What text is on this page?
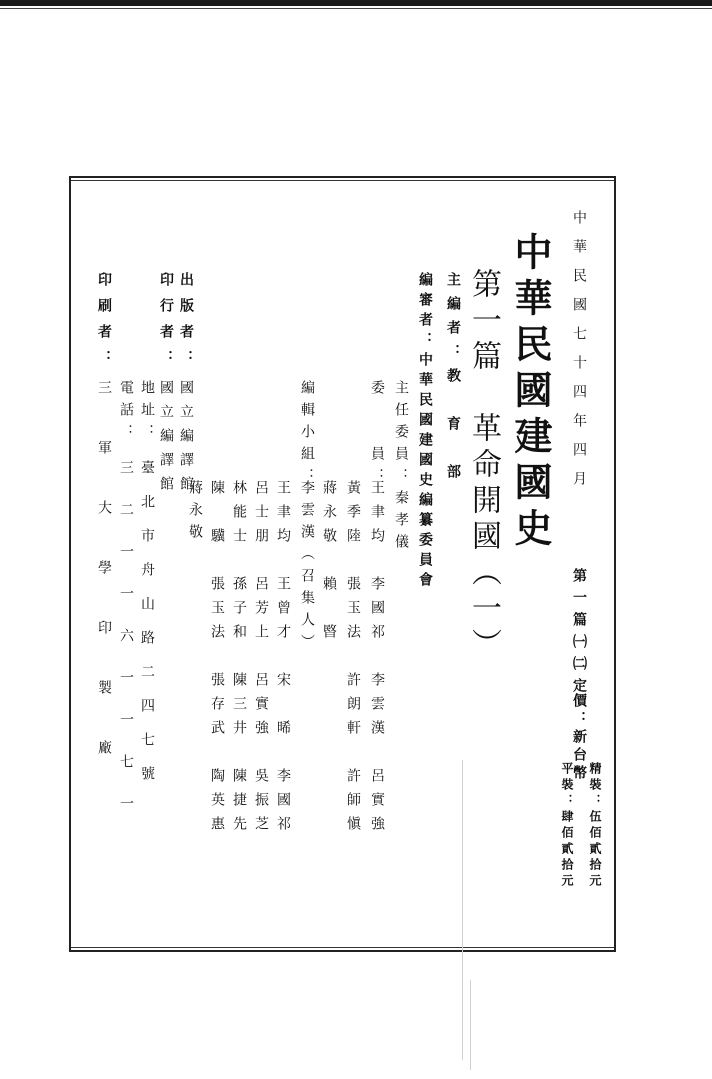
中華民國七十四年四月
第一篇㈠㈡定
價：新台幣
精裝：伍佰貳拾元
平裝：肆佰貳拾元
中華民國建國史
第一篇　革命開國（一）
主編者：教　育　部
編審者：中華民國建國史編纂委員會
主任委員：秦孝儀
委　　員：
王聿均　李國祁　李雲漢　呂實強
黃季陸　張玉法　許朗軒　許師愼
蔣永敬　賴　暋
編輯小組：
李雲漢（召集人）
王聿均　王曾才　宋　晞　李國祁
呂士朋　呂芳上　呂實強　吳振芝
林能士　孫子和　陳三井　陳捷先
陳　驥　張玉法　張存武　陶英惠
蔣永敬
出版者：
國立編譯館
印行者：
國立編譯館
地址：
臺北市舟山路二四七號
電話：
三二一一六一一七一
印刷者：
三軍大學印製廠
